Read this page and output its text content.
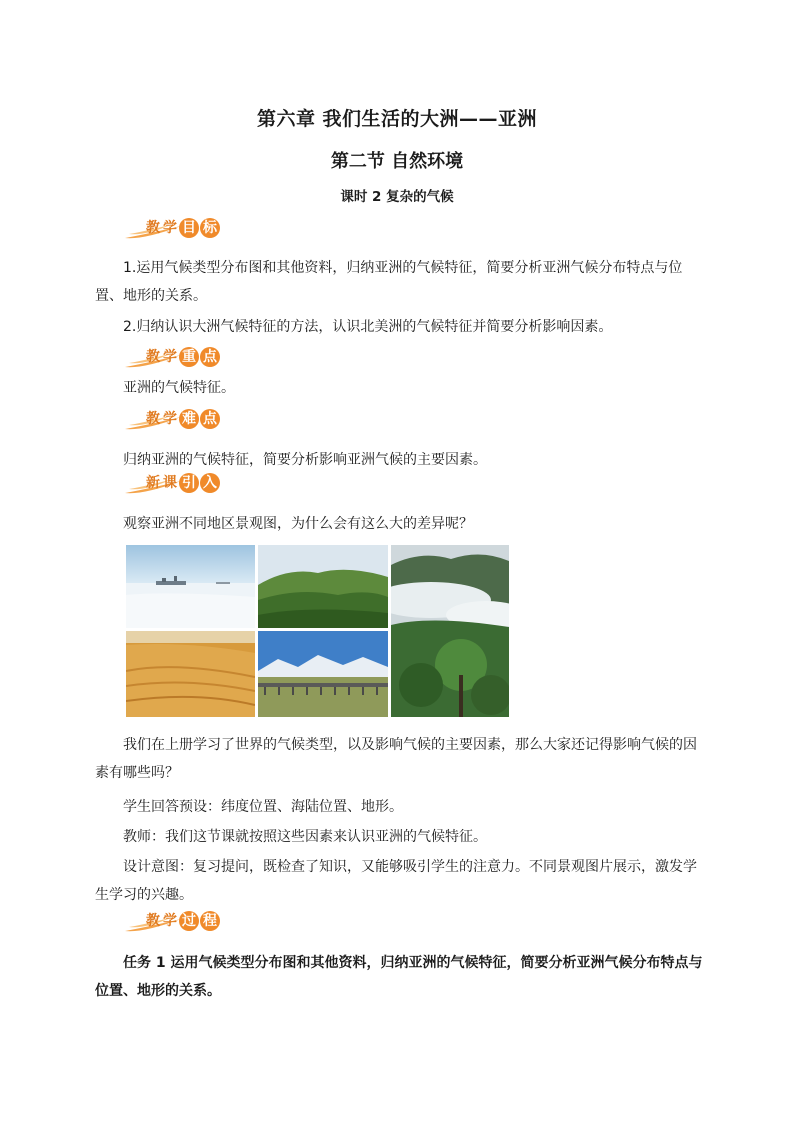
第六章 我们生活的大洲——亚洲
第二节 自然环境
课时 2 复杂的气候
教 学 目 标
1.运用气候类型分布图和其他资料，归纳亚洲的气候特征，简要分析亚洲气候分布特点与位置、地形的关系。
2.归纳认识大洲气候特征的方法，认识北美洲的气候特征并简要分析影响因素。
教 学 重 点
亚洲的气候特征。
教 学 难 点
归纳亚洲的气候特征，简要分析影响亚洲气候的主要因素。
新 课 引 入
观察亚洲不同地区景观图，为什么会有这么大的差异呢？
我们在上册学习了世界的气候类型，以及影响气候的主要因素，那么大家还记得影响气候的因素有哪些吗？
学生回答预设：纬度位置、海陆位置、地形。
教师：我们这节课就按照这些因素来认识亚洲的气候特征。
设计意图：复习提问，既检查了知识，又能够吸引学生的注意力。不同景观图片展示，激发学生学习的兴趣。
教 学 过 程
任务 1 运用气候类型分布图和其他资料，归纳亚洲的气候特征，简要分析亚洲气候分布特点与位置、地形的关系。
